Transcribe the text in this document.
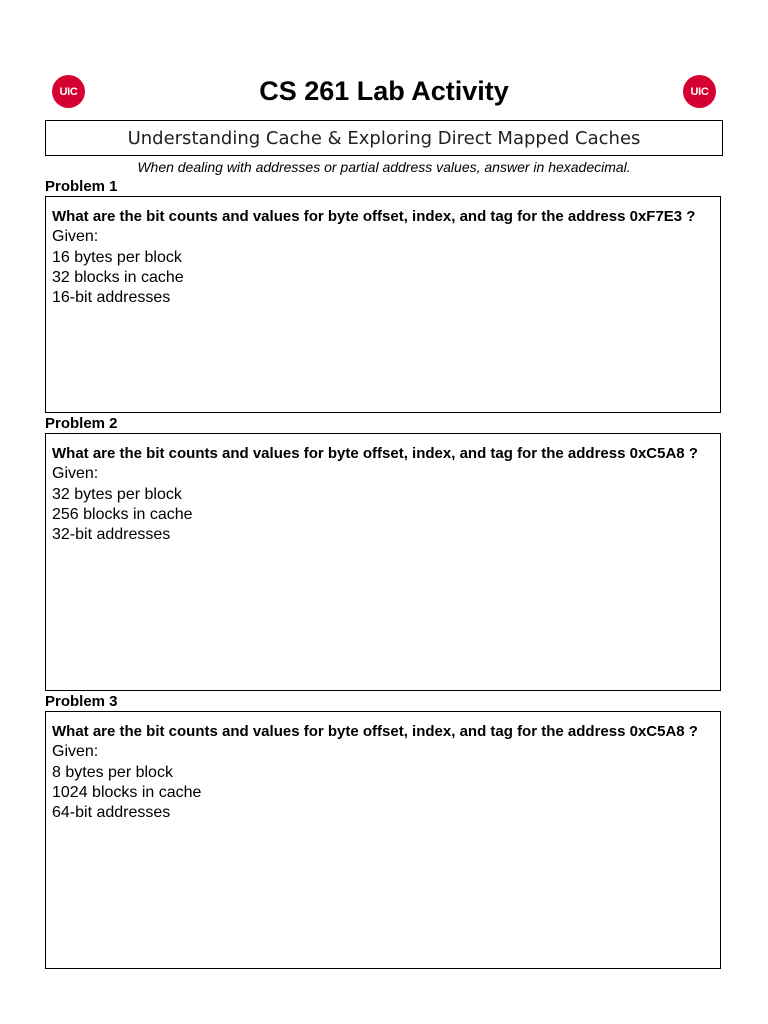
UIC	CS 261 Lab Activity	UIC
Understanding Cache & Exploring Direct Mapped Caches
When dealing with addresses or partial address values, answer in hexadecimal.
Problem 1
What are the bit counts and values for byte offset, index, and tag for the address 0xF7E3 ?
Given:
16 bytes per block
32 blocks in cache
16-bit addresses
Problem 2
What are the bit counts and values for byte offset, index, and tag for the address 0xC5A8 ?
Given:
32 bytes per block
256 blocks in cache
32-bit addresses
Problem 3
What are the bit counts and values for byte offset, index, and tag for the address 0xC5A8 ?
Given:
8 bytes per block
1024 blocks in cache
64-bit addresses
